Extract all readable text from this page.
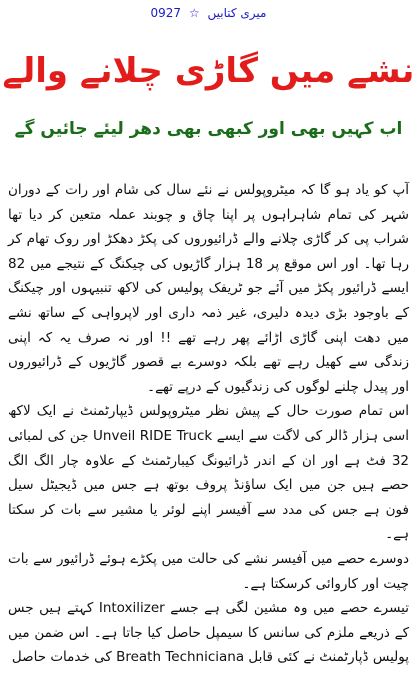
میری کتابیں ☆ 0927
نشے میں گاڑی چلانے والے
اب کہیں بھی اور کبھی بھی دھر لیئے جائیں گے

آپ کو یاد ہو گا کہ میٹروپولس نے نئے سال کی شام اور رات کے دوران شہر کی تمام شاہراہوں پر اپنا چاق و چوبند عملہ متعین کر دیا تھا شراب پی کر گاڑی چلانے والے ڈرائیوروں کی پکڑ دھکڑ اور روک تھام کر رہا تھا۔ اور اس موقع پر 18 ہزار گاڑیوں کی چیکنگ کے نتیجے میں 82 ایسے ڈرائیور پکڑ میں آئے جو ٹریفک پولیس کی لاکھ تنبیہوں اور چیکنگ کے باوجود بڑی دیدہ دلیری، غیر ذمہ داری اور لاپرواہی کے ساتھ نشے میں دھت اپنی گاڑی اڑائے پھر رہے تھے !! اور نہ صرف یہ کہ اپنی زندگی سے کھیل رہے تھے بلکہ دوسرے بے قصور گاڑیوں کے ڈرائیوروں اور پیدل چلنے لوگوں کی زندگیوں کے درپے تھے۔

اس تمام صورت حال کے پیش نظر میٹروپولس ڈیپارٹمنٹ نے ایک لاکھ اسی ہزار ڈالر کی لاگت سے ایسے Unveil RIDE Truck جن کی لمبائی 32 فٹ ہے اور ان کے اندر ڈرائیونگ کیبارٹمنٹ کے علاوہ چار الگ الگ حصے ہیں جن میں ایک ساؤنڈ پروف بوتھ ہے جس میں ڈیجیٹل سیل فون ہے جس کی مدد سے آفیسر اپنے لوئر یا مشیر سے بات کر سکتا ہے۔

دوسرے حصے میں آفیسر نشے کی حالت میں پکڑے ہوئے ڈرائیور سے بات چیت اور کاروائی کرسکتا ہے۔

تیسرے حصے میں وہ مشین لگی ہے جسے Intoxilizer کہتے ہیں جس کے ذریعے ملزم کی سانس کا سیمپل حاصل کیا جاتا ہے۔ اس ضمن میں پولیس ڈپارٹمنٹ نے کئی قابل Breath Techniciana کی خدمات حاصل
